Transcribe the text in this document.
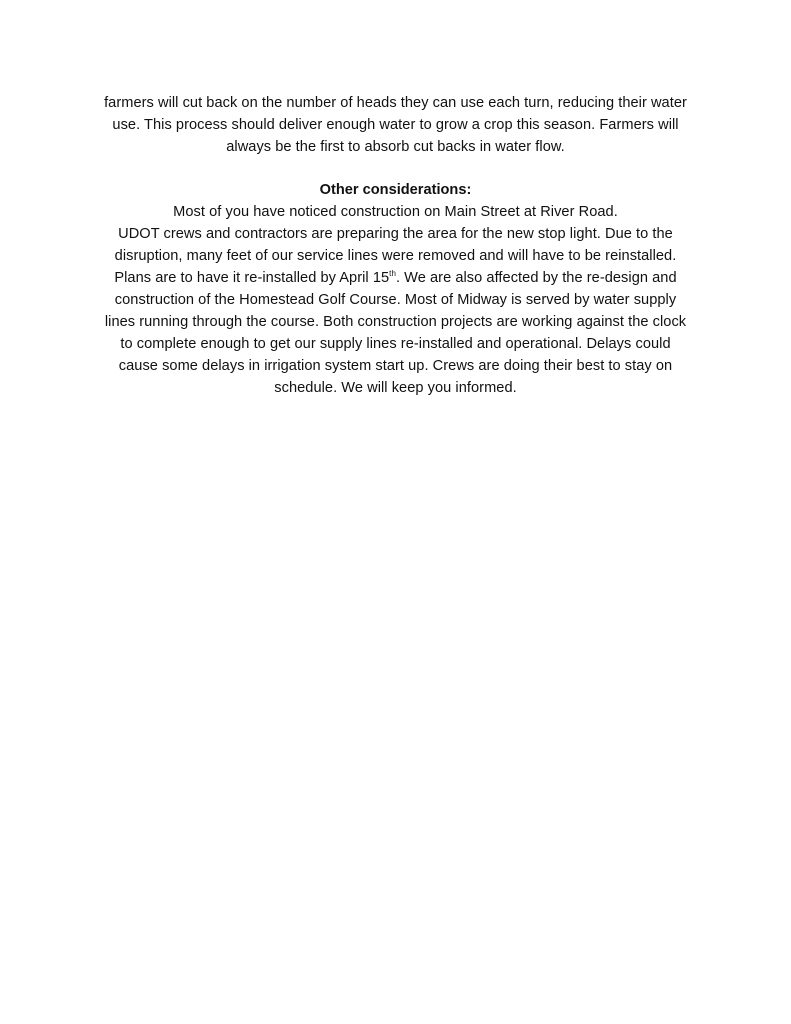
farmers will cut back on the number of heads they can use each turn, reducing their water
use. This process should deliver enough water to grow a crop this season. Farmers will
always be the first to absorb cut backs in water flow.
Other considerations:
Most of you have noticed construction on Main Street at River Road.
UDOT crews and contractors are preparing the area for the new stop light. Due to the
disruption, many feet of our service lines were removed and will have to be reinstalled.
Plans are to have it re-installed by April 15th. We are also affected by the re-design and
construction of the Homestead Golf Course. Most of Midway is served by water supply
lines running through the course. Both construction projects are working against the clock
to complete enough to get our supply lines re-installed and operational. Delays could
cause some delays in irrigation system start up. Crews are doing their best to stay on
schedule. We will keep you informed.
